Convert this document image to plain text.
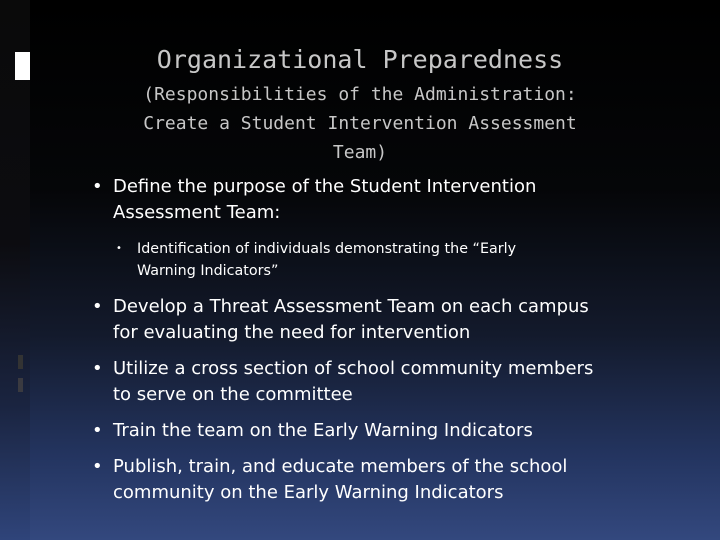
Organizational Preparedness
(Responsibilities of the Administration:
Create a Student Intervention Assessment
Team)
• Define the purpose of the Student Intervention
Assessment Team:
• Identification of individuals demonstrating the “Early
Warning Indicators”
• Develop a Threat Assessment Team on each campus
for evaluating the need for intervention
• Utilize a cross section of school community members
to serve on the committee
• Train the team on the Early Warning Indicators
• Publish, train, and educate members of the school
community on the Early Warning Indicators
